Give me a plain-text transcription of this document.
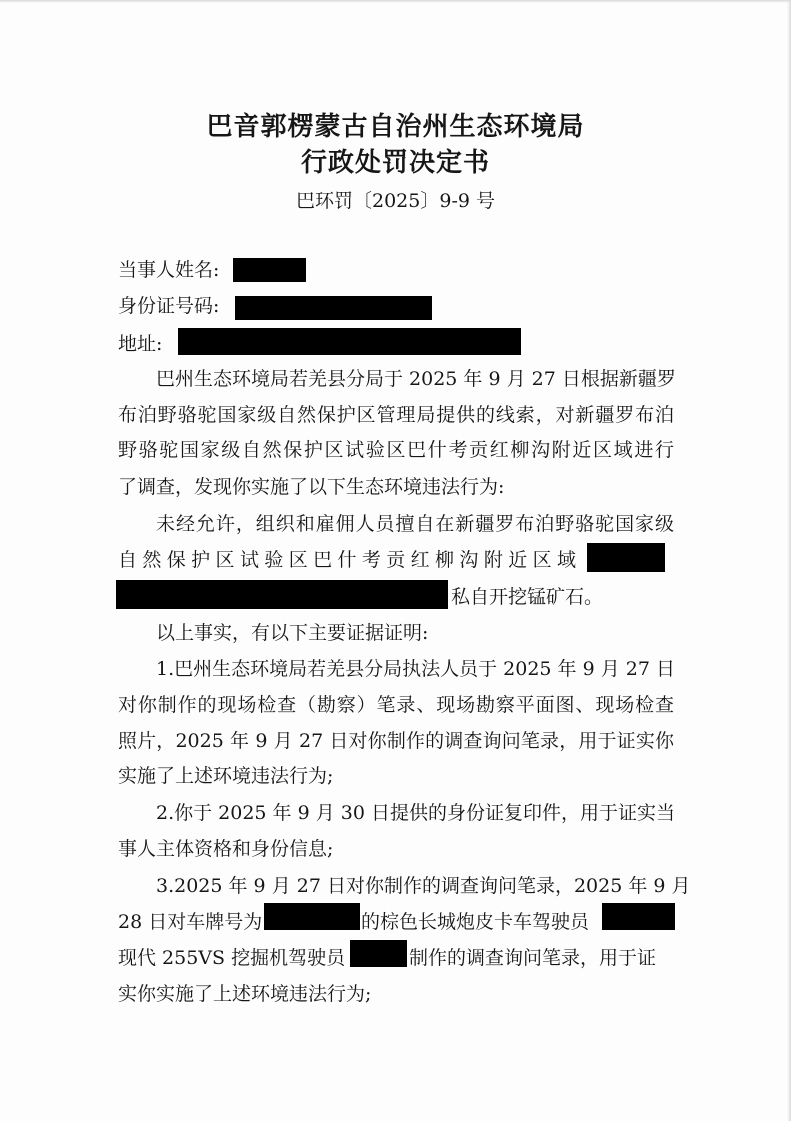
巴音郭楞蒙古自治州生态环境局
行政处罚决定书
巴环罚〔2025〕9-9 号
当事人姓名:
身份证号码:
地址:
巴州生态环境局若羌县分局于 2025 年 9 月 27 日根据新疆罗
布泊野骆驼国家级自然保护区管理局提供的线索，对新疆罗布泊
野骆驼国家级自然保护区试验区巴什考贡红柳沟附近区域进行
了调查，发现你实施了以下生态环境违法行为:
未经允许，组织和雇佣人员擅自在新疆罗布泊野骆驼国家级
自然保护区试验区巴什考贡红柳沟附近区域
私自开挖锰矿石。
以上事实，有以下主要证据证明:
1.巴州生态环境局若羌县分局执法人员于 2025 年 9 月 27 日
对你制作的现场检查（勘察）笔录、现场勘察平面图、现场检查
照片，2025 年 9 月 27 日对你制作的调查询问笔录，用于证实你
实施了上述环境违法行为;
2.你于 2025 年 9 月 30 日提供的身份证复印件，用于证实当
事人主体资格和身份信息;
3.2025 年 9 月 27 日对你制作的调查询问笔录，2025 年 9 月
28 日对车牌号为	的棕色长城炮皮卡车驾驶员
现代 255VS 挖掘机驾驶员	制作的调查询问笔录，用于证
实你实施了上述环境违法行为;
